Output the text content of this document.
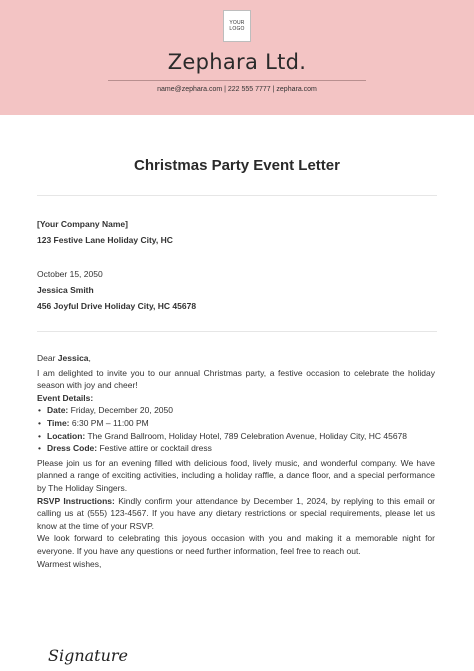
YOUR
LOGO
Zephara Ltd.
name@zephara.com | 222 555 7777 | zephara.com
Christmas Party Event Letter
[Your Company Name]
123 Festive Lane Holiday City, HC
October 15, 2050
Jessica Smith
456 Joyful Drive Holiday City, HC 45678

Dear Jessica,

I am delighted to invite you to our annual Christmas party, a festive occasion to celebrate the holiday season with joy and cheer!

Event Details:

• Date: Friday, December 20, 2050
• Time: 6:30 PM – 11:00 PM
• Location: The Grand Ballroom, Holiday Hotel, 789 Celebration Avenue, Holiday City, HC 45678
• Dress Code: Festive attire or cocktail dress

Please join us for an evening filled with delicious food, lively music, and wonderful company. We have planned a range of exciting activities, including a holiday raffle, a dance floor, and a special performance by The Holiday Singers.

RSVP Instructions: Kindly confirm your attendance by December 1, 2024, by replying to this email or calling us at (555) 123-4567. If you have any dietary restrictions or special requirements, please let us know at the time of your RSVP.

We look forward to celebrating this joyous occasion with you and making it a memorable night for everyone. If you have any questions or need further information, feel free to reach out.

Warmest wishes,

Signature
